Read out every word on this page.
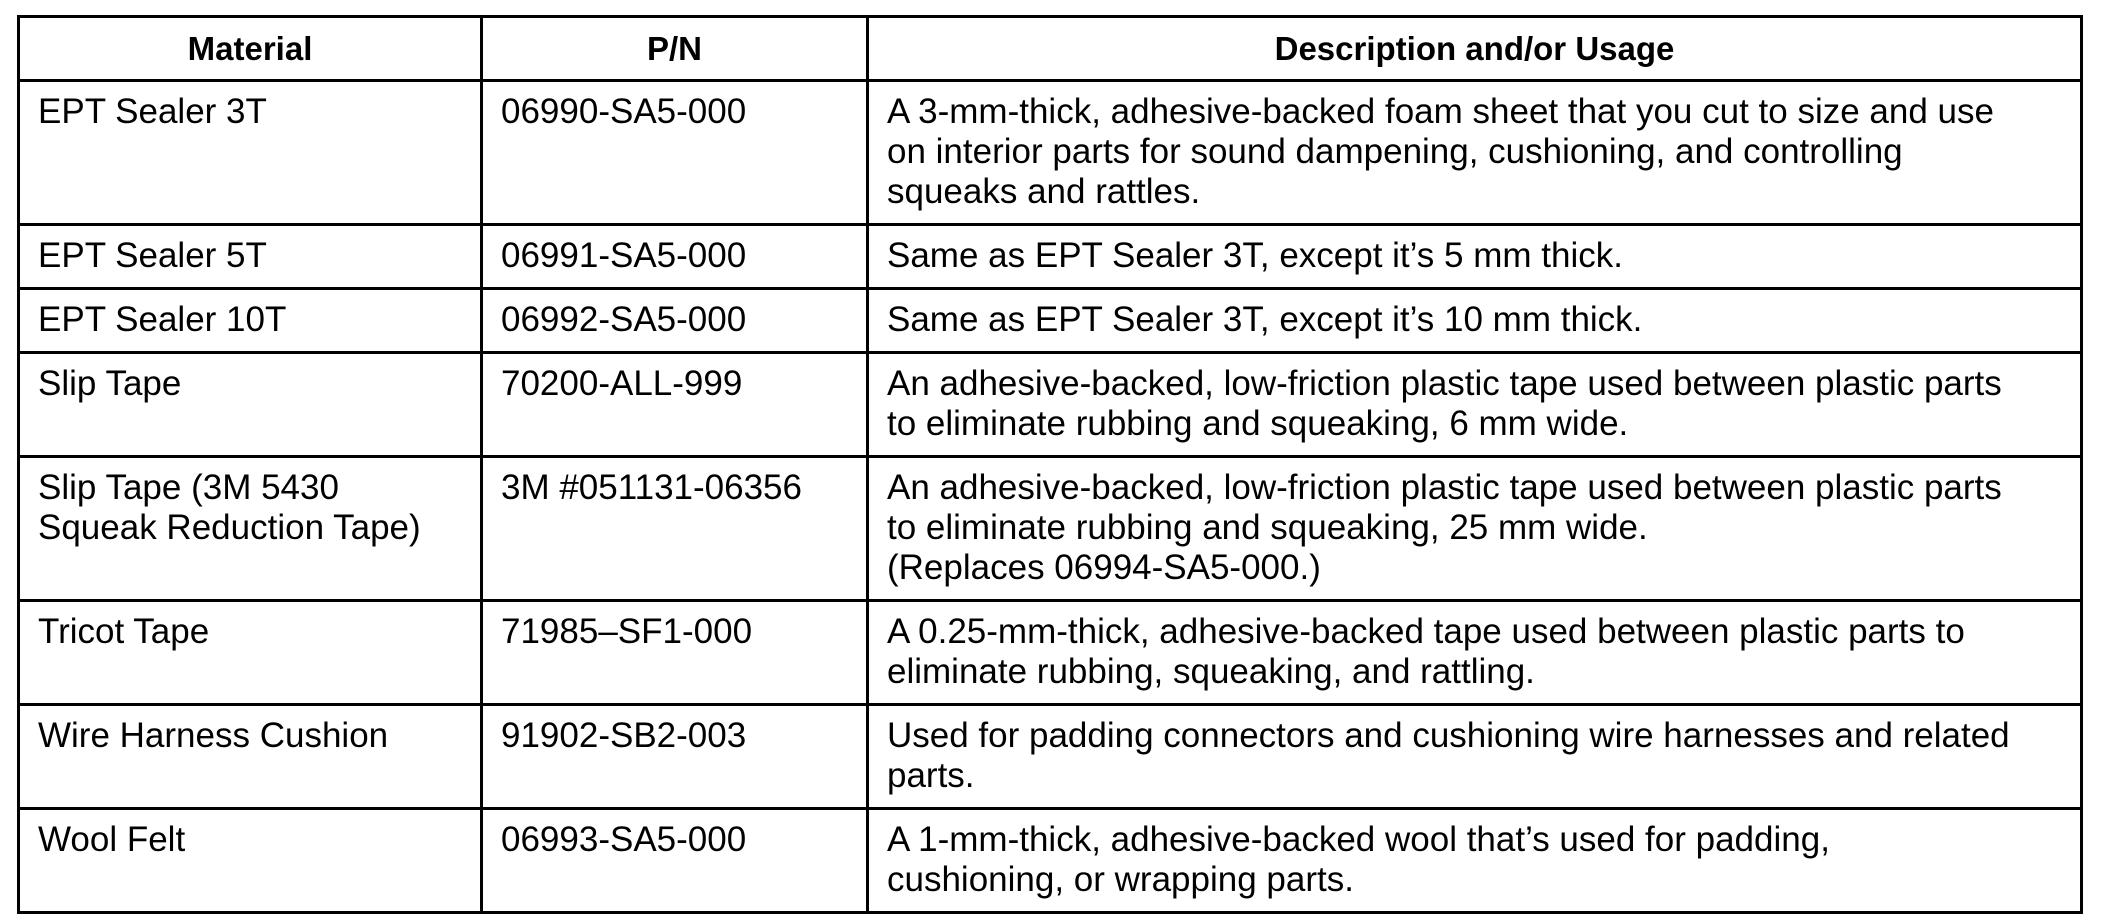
Material	P/N	Description and/or Usage

EPT Sealer 3T	06990-SA5-000	A 3-mm-thick, adhesive-backed foam sheet that you cut to size and use
on interior parts for sound dampening, cushioning, and controlling
squeaks and rattles.

EPT Sealer 5T	06991-SA5-000	Same as EPT Sealer 3T, except it’s 5 mm thick.

EPT Sealer 10T	06992-SA5-000	Same as EPT Sealer 3T, except it’s 10 mm thick.

Slip Tape	70200-ALL-999	An adhesive-backed, low-friction plastic tape used between plastic parts
to eliminate rubbing and squeaking, 6 mm wide.

Slip Tape (3M 5430
Squeak Reduction Tape)	3M #051131-06356	An adhesive-backed, low-friction plastic tape used between plastic parts
to eliminate rubbing and squeaking, 25 mm wide.
(Replaces 06994-SA5-000.)

Tricot Tape	71985–SF1-000	A 0.25-mm-thick, adhesive-backed tape used between plastic parts to
eliminate rubbing, squeaking, and rattling.

Wire Harness Cushion	91902-SB2-003	Used for padding connectors and cushioning wire harnesses and related
parts.

Wool Felt	06993-SA5-000	A 1-mm-thick, adhesive-backed wool that’s used for padding,
cushioning, or wrapping parts.
